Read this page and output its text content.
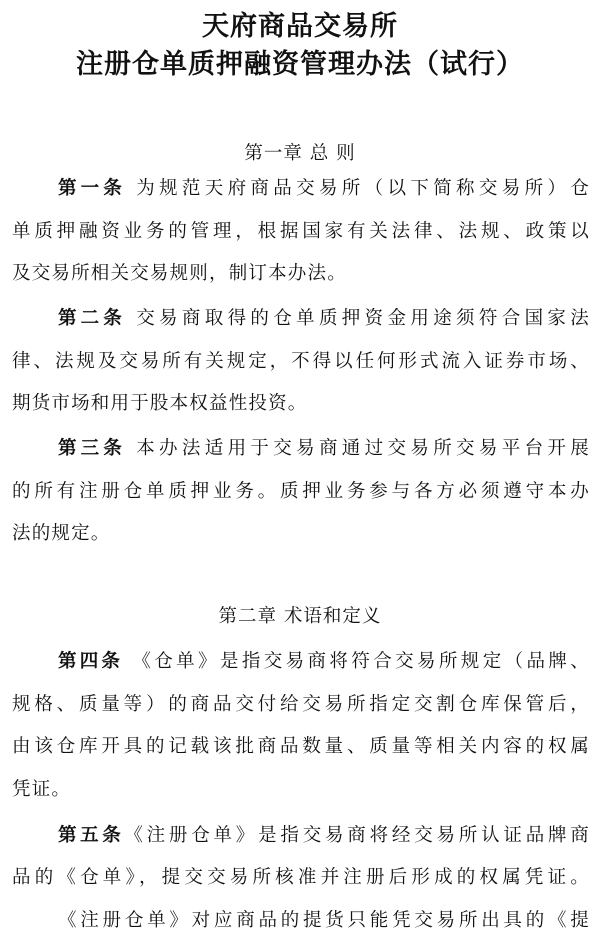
天府商品交易所
注册仓单质押融资管理办法（试行）
第一章 总 则
第一条 为规范天府商品交易所（以下简称交易所）仓
单质押融资业务的管理，根据国家有关法律、法规、政策以
及交易所相关交易规则，制订本办法。
第二条 交易商取得的仓单质押资金用途须符合国家法
律、法规及交易所有关规定，不得以任何形式流入证券市场、
期货市场和用于股本权益性投资。
第三条 本办法适用于交易商通过交易所交易平台开展
的所有注册仓单质押业务。质押业务参与各方必须遵守本办
法的规定。
第二章 术语和定义
第四条 《仓单》是指交易商将符合交易所规定（品牌、
规格、质量等）的商品交付给交易所指定交割仓库保管后，
由该仓库开具的记载该批商品数量、质量等相关内容的权属
凭证。
第五条《注册仓单》是指交易商将经交易所认证品牌商
品的《仓单》，提交交易所核准并注册后形成的权属凭证。
《注册仓单》对应商品的提货只能凭交易所出具的《提
